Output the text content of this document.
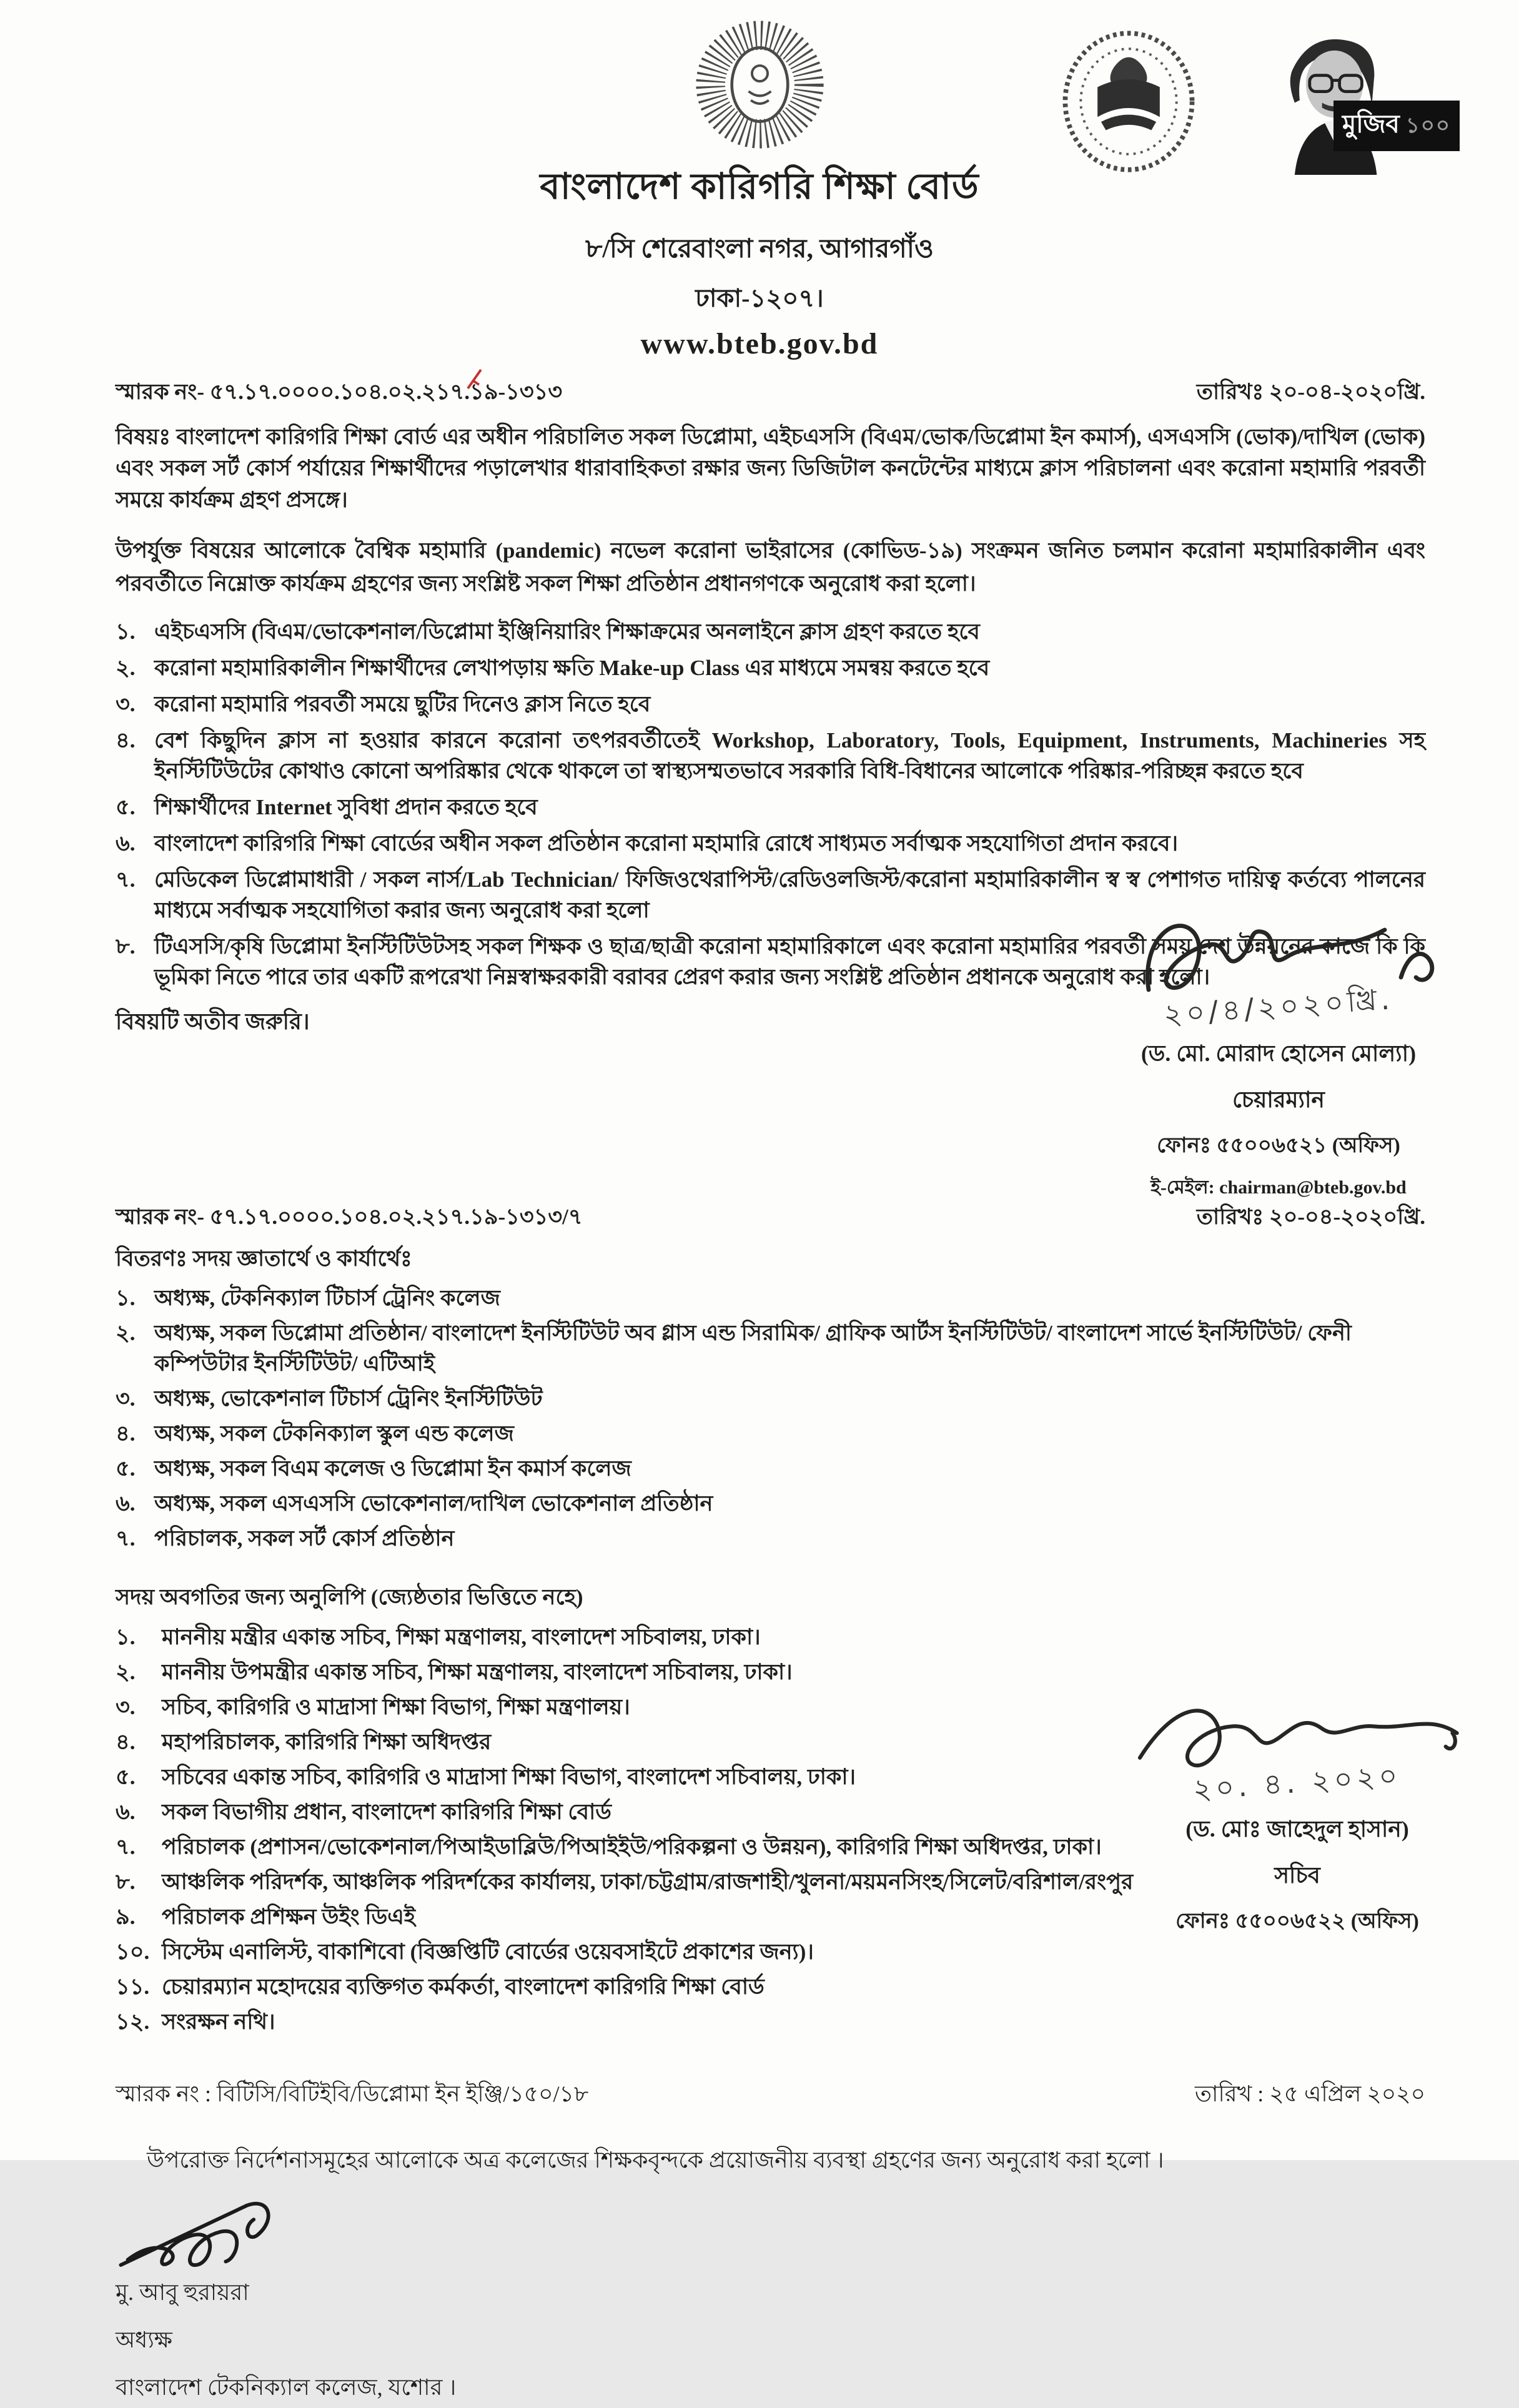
মুজিব ১০০
বাংলাদেশ কারিগরি শিক্ষা বোর্ড
৮/সি শেরেবাংলা নগর, আগারগাঁও
ঢাকা-১২০৭।
www.bteb.gov.bd
স্মারক নং- ৫৭.১৭.০০০০.১০৪.০২.২১৭.১৯-১৩১৩	তারিখঃ ২০-০৪-২০২০খ্রি.
বিষয়ঃ বাংলাদেশ কারিগরি শিক্ষা বোর্ড এর অধীন পরিচালিত সকল ডিপ্লোমা, এইচএসসি (বিএম/ভোক/ডিপ্লোমা ইন কমার্স), এসএসসি (ভোক)/দাখিল (ভোক) এবং সকল সর্ট কোর্স পর্যায়ের শিক্ষার্থীদের পড়ালেখার ধারাবাহিকতা রক্ষার জন্য ডিজিটাল কনটেন্টের মাধ্যমে ক্লাস পরিচালনা এবং করোনা মহামারি পরবর্তী সময়ে কার্যক্রম গ্রহণ প্রসঙ্গে।
উপর্যুক্ত বিষয়ের আলোকে বৈশ্বিক মহামারি (pandemic) নভেল করোনা ভাইরাসের (কোভিড-১৯) সংক্রমন জনিত চলমান করোনা মহামারিকালীন এবং পরবর্তীতে নিম্নোক্ত কার্যক্রম গ্রহণের জন্য সংশ্লিষ্ট সকল শিক্ষা প্রতিষ্ঠান প্রধানগণকে অনুরোধ করা হলো।
১. এইচএসসি (বিএম/ভোকেশনাল/ডিপ্লোমা ইঞ্জিনিয়ারিং শিক্ষাক্রমের অনলাইনে ক্লাস গ্রহণ করতে হবে
২. করোনা মহামারিকালীন শিক্ষার্থীদের লেখাপড়ায় ক্ষতি Make-up Class এর মাধ্যমে সমন্বয় করতে হবে
৩. করোনা মহামারি পরবর্তী সময়ে ছুটির দিনেও ক্লাস নিতে হবে
৪. বেশ কিছুদিন ক্লাস না হওয়ার কারনে করোনা তৎপরবর্তীতেই Workshop, Laboratory, Tools, Equipment, Instruments, Machineries সহ ইনস্টিটিউটের কোথাও কোনো অপরিষ্কার থেকে থাকলে তা স্বাস্থ্যসম্মতভাবে সরকারি বিধি-বিধানের আলোকে পরিষ্কার-পরিচ্ছন্ন করতে হবে
৫. শিক্ষার্থীদের Internet সুবিধা প্রদান করতে হবে
৬. বাংলাদেশ কারিগরি শিক্ষা বোর্ডের অধীন সকল প্রতিষ্ঠান করোনা মহামারি রোধে সাধ্যমত সর্বাত্মক সহযোগিতা প্রদান করবে।
৭. মেডিকেল ডিপ্লোমাধারী / সকল নার্স/Lab Technician/ ফিজিওথেরাপিস্ট/রেডিওলজিস্ট/করোনা মহামারিকালীন স্ব স্ব পেশাগত দায়িত্ব কর্তব্যে পালনের মাধ্যমে সর্বাত্মক সহযোগিতা করার জন্য অনুরোধ করা হলো
৮. টিএসসি/কৃষি ডিপ্লোমা ইনস্টিটিউটসহ সকল শিক্ষক ও ছাত্র/ছাত্রী করোনা মহামারিকালে এবং করোনা মহামারির পরবর্তী সময় দেশ উন্নয়নের কাজে কি কি ভূমিকা নিতে পারে তার একটি রূপরেখা নিম্নস্বাক্ষরকারী বরাবর প্রেরণ করার জন্য সংশ্লিষ্ট প্রতিষ্ঠান প্রধানকে অনুরোধ করা হলো।
বিষয়টি অতীব জরুরি।
স্মারক নং- ৫৭.১৭.০০০০.১০৪.০২.২১৭.১৯-১৩১৩/৭	তারিখঃ ২০-০৪-২০২০খ্রি.
বিতরণঃ সদয় জ্ঞাতার্থে ও কার্যার্থেঃ
১. অধ্যক্ষ, টেকনিক্যাল টিচার্স ট্রেনিং কলেজ
২. অধ্যক্ষ, সকল ডিপ্লোমা প্রতিষ্ঠান/ বাংলাদেশ ইনস্টিটিউট অব গ্লাস এন্ড সিরামিক/ গ্রাফিক আর্টস ইনস্টিটিউট/ বাংলাদেশ সার্ভে ইনস্টিটিউট/ ফেনী কম্পিউটার ইনস্টিটিউট/ এটিআই
৩. অধ্যক্ষ, ভোকেশনাল টিচার্স ট্রেনিং ইনস্টিটিউট
৪. অধ্যক্ষ, সকল টেকনিক্যাল স্কুল এন্ড কলেজ
৫. অধ্যক্ষ, সকল বিএম কলেজ ও ডিপ্লোমা ইন কমার্স কলেজ
৬. অধ্যক্ষ, সকল এসএসসি ভোকেশনাল/দাখিল ভোকেশনাল প্রতিষ্ঠান
৭. পরিচালক, সকল সর্ট কোর্স প্রতিষ্ঠান
সদয় অবগতির জন্য অনুলিপি (জ্যেষ্ঠতার ভিত্তিতে নহে)
১.	মাননীয় মন্ত্রীর একান্ত সচিব, শিক্ষা মন্ত্রণালয়, বাংলাদেশ সচিবালয়, ঢাকা।
২.	মাননীয় উপমন্ত্রীর একান্ত সচিব, শিক্ষা মন্ত্রণালয়, বাংলাদেশ সচিবালয়, ঢাকা।
৩.	সচিব, কারিগরি ও মাদ্রাসা শিক্ষা বিভাগ, শিক্ষা মন্ত্রণালয়।
৪.	মহাপরিচালক, কারিগরি শিক্ষা অধিদপ্তর
৫.	সচিবের একান্ত সচিব, কারিগরি ও মাদ্রাসা শিক্ষা বিভাগ, বাংলাদেশ সচিবালয়, ঢাকা।
৬.	সকল বিভাগীয় প্রধান, বাংলাদেশ কারিগরি শিক্ষা বোর্ড
৭.	পরিচালক (প্রশাসন/ভোকেশনাল/পিআইডাব্লিউ/পিআইইউ/পরিকল্পনা ও উন্নয়ন), কারিগরি শিক্ষা অধিদপ্তর, ঢাকা।
৮.	আঞ্চলিক পরিদর্শক, আঞ্চলিক পরিদর্শকের কার্যালয়, ঢাকা/চট্টগ্রাম/রাজশাহী/খুলনা/ময়মনসিংহ/সিলেট/বরিশাল/রংপুর
৯.	পরিচালক প্রশিক্ষন উইং ডিএই
১০. সিস্টেম এনালিস্ট, বাকাশিবো (বিজ্ঞপ্তিটি বোর্ডের ওয়েবসাইটে প্রকাশের জন্য)।
১১. চেয়ারম্যান মহোদয়ের ব্যক্তিগত কর্মকর্তা, বাংলাদেশ কারিগরি শিক্ষা বোর্ড
১২. সংরক্ষন নথি।
স্মারক নং : বিটিসি/বিটিইবি/ডিপ্লোমা ইন ইঞ্জি/১৫০/১৮	তারিখ : ২৫ এপ্রিল ২০২০
উপরোক্ত নির্দেশনাসমূহের আলোকে অত্র কলেজের শিক্ষকবৃন্দকে প্রয়োজনীয় ব্যবস্থা গ্রহণের জন্য অনুরোধ করা হলো ।
মু. আবু হুরায়রা
অধ্যক্ষ
বাংলাদেশ টেকনিক্যাল কলেজ, যশোর ।
২০/৪/২০২০খ্রি.
(ড. মো. মোরাদ হোসেন মোল্যা)
চেয়ারম্যান
ফোনঃ ৫৫০০৬৫২১ (অফিস)
ই-মেইল: chairman@bteb.gov.bd
২০. ৪. ২০২০
(ড. মোঃ জাহেদুল হাসান)
সচিব
ফোনঃ ৫৫০০৬৫২২ (অফিস)
